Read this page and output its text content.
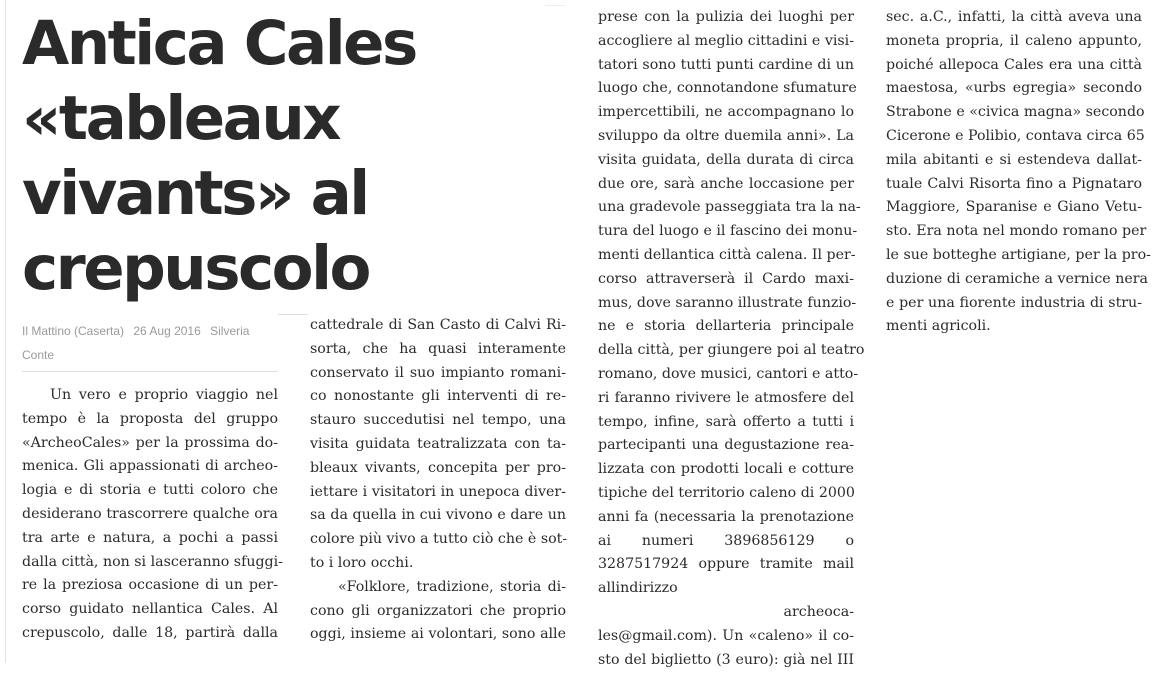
Antica Cales
«tableaux
vivants» al
crepuscolo
Il Mattino (Caserta) 26 Aug 2016 Silveria Conte
Un vero e proprio viaggio nel
tempo è la proposta del gruppo
«ArcheoCales» per la prossima do-
menica. Gli appassionati di archeo-
logia e di storia e tutti coloro che
desiderano trascorrere qualche ora
tra arte e natura, a pochi a passi
dalla città, non si lasceranno sfuggi-
re la preziosa occasione di un per-
corso guidato nellantica Cales. Al
crepuscolo, dalle 18, partirà dalla
cattedrale di San Casto di Calvi Ri-
sorta, che ha quasi interamente
conservato il suo impianto romani-
co nonostante gli interventi di re-
stauro succedutisi nel tempo, una
visita guidata teatralizzata con ta-
bleaux vivants, concepita per pro-
iettare i visitatori in unepoca diver-
sa da quella in cui vivono e dare un
colore più vivo a tutto ciò che è sot-
to i loro occhi.
«Folklore, tradizione, storia di-
cono gli organizzatori che proprio
oggi, insieme ai volontari, sono alle
prese con la pulizia dei luoghi per
accogliere al meglio cittadini e visi-
tatori sono tutti punti cardine di un
luogo che, connotandone sfumature
impercettibili, ne accompagnano lo
sviluppo da oltre duemila anni». La
visita guidata, della durata di circa
due ore, sarà anche loccasione per
una gradevole passeggiata tra la na-
tura del luogo e il fascino dei monu-
menti dellantica città calena. Il per-
corso attraverserà il Cardo maxi-
mus, dove saranno illustrate funzio-
ne e storia dellarteria principale
della città, per giungere poi al teatro
romano, dove musici, cantori e atto-
ri faranno rivivere le atmosfere del
tempo, infine, sarà offerto a tutti i
partecipanti una degustazione rea-
lizzata con prodotti locali e cotture
tipiche del territorio caleno di 2000
anni fa (necessaria la prenotazione
ai numeri 3896856129 o
3287517924 oppure tramite mail
allindirizzo
archeoca-
les@gmail.com). Un «caleno» il co-
sto del biglietto (3 euro): già nel III
sec. a.C., infatti, la città aveva una
moneta propria, il caleno appunto,
poiché allepoca Cales era una città
maestosa, «urbs egregia» secondo
Strabone e «civica magna» secondo
Cicerone e Polibio, contava circa 65
mila abitanti e si estendeva dallat-
tuale Calvi Risorta fino a Pignataro
Maggiore, Sparanise e Giano Vetu-
sto. Era nota nel mondo romano per
le sue botteghe artigiane, per la pro-
duzione di ceramiche a vernice nera
e per una fiorente industria di stru-
menti agricoli.
